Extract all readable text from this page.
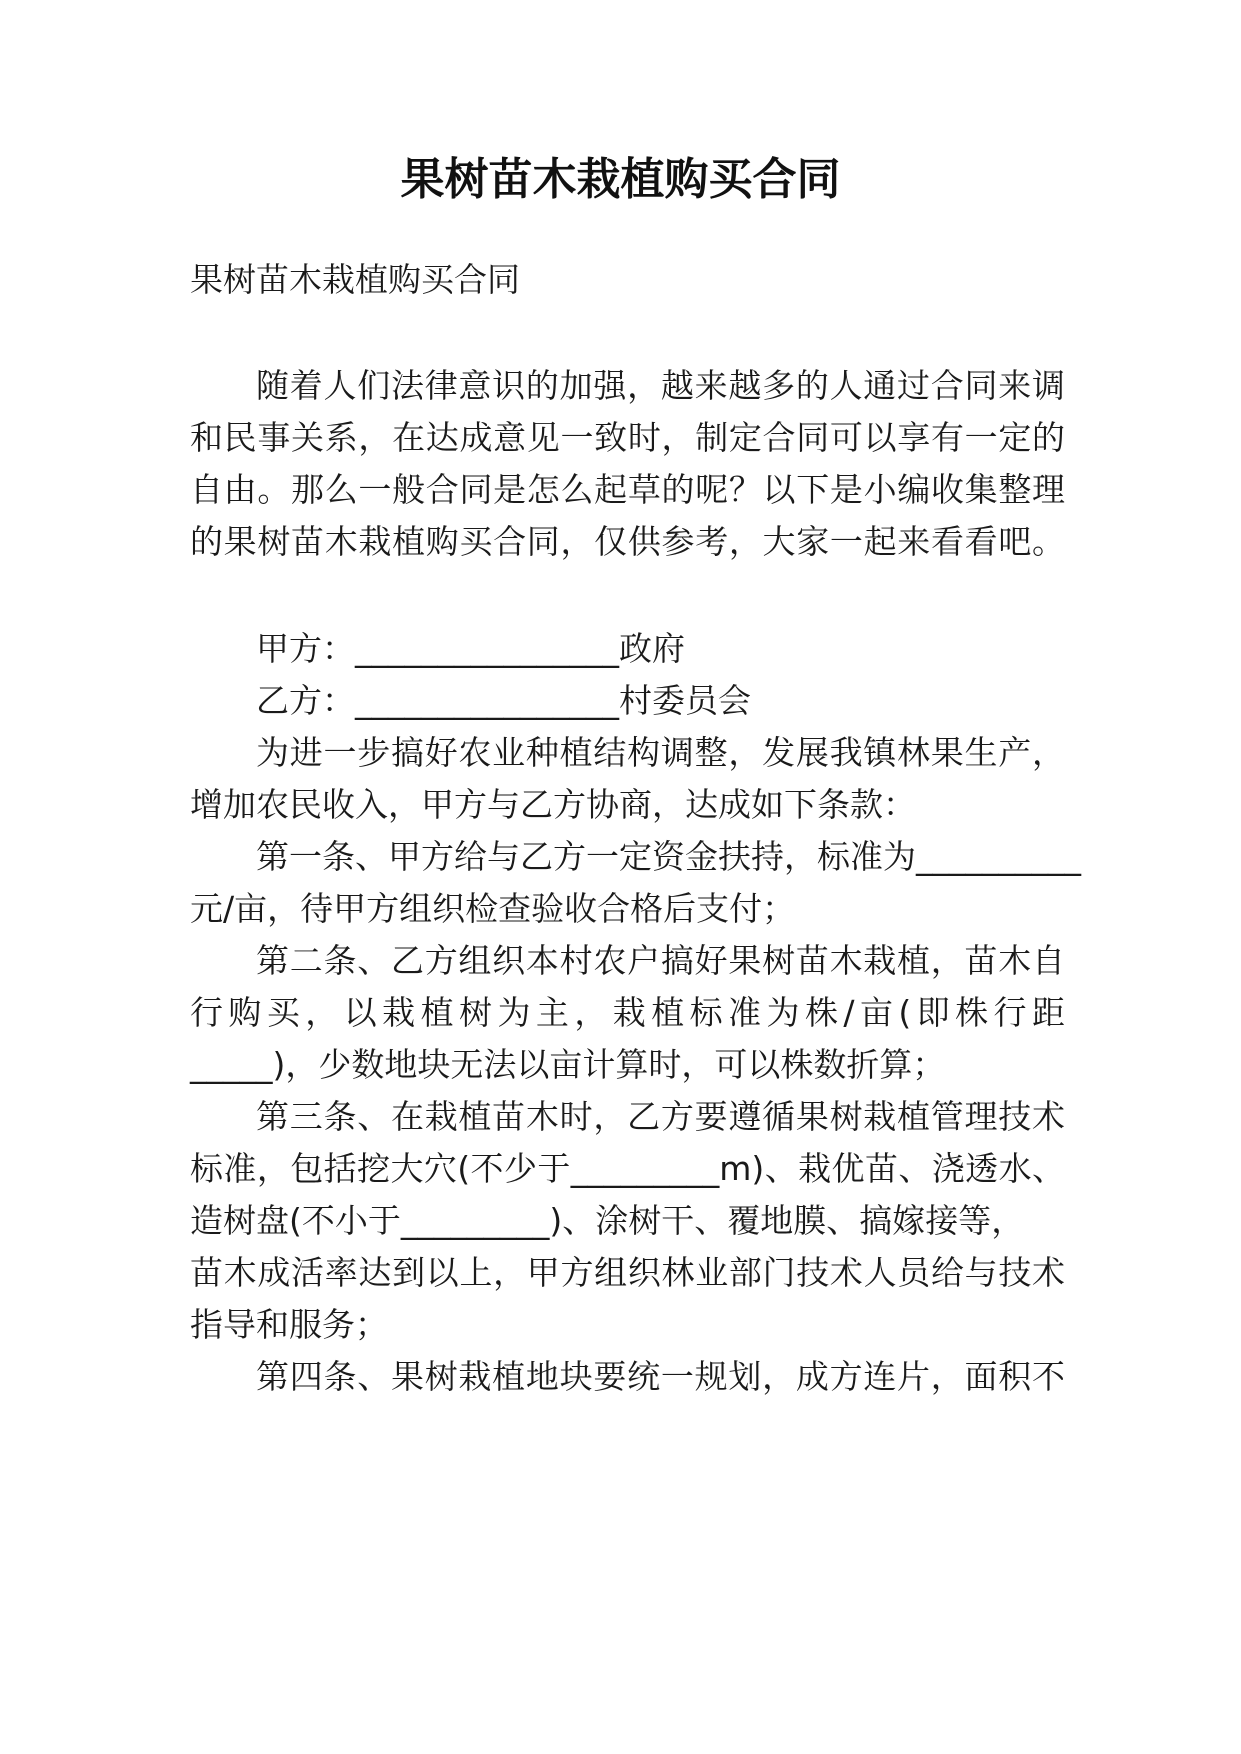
果树苗木栽植购买合同
果树苗木栽植购买合同
随着人们法律意识的加强，越来越多的人通过合同来调
和民事关系，在达成意见一致时，制定合同可以享有一定的
自由。那么一般合同是怎么起草的呢？以下是小编收集整理
的果树苗木栽植购买合同，仅供参考，大家一起来看看吧。
甲方：________________政府
乙方：________________村委员会
为进一步搞好农业种植结构调整，发展我镇林果生产，
增加农民收入，甲方与乙方协商，达成如下条款：
第一条、甲方给与乙方一定资金扶持，标准为__________
元/亩，待甲方组织检查验收合格后支付；
第二条、乙方组织本村农户搞好果树苗木栽植，苗木自
行购买，以栽植树为主，栽植标准为株/亩(即株行距
_____)，少数地块无法以亩计算时，可以株数折算；
第三条、在栽植苗木时，乙方要遵循果树栽植管理技术
标准，包括挖大穴(不少于_________m)、栽优苗、浇透水、
造树盘(不小于_________)、涂树干、覆地膜、搞嫁接等，
苗木成活率达到以上，甲方组织林业部门技术人员给与技术
指导和服务；
第四条、果树栽植地块要统一规划，成方连片，面积不
